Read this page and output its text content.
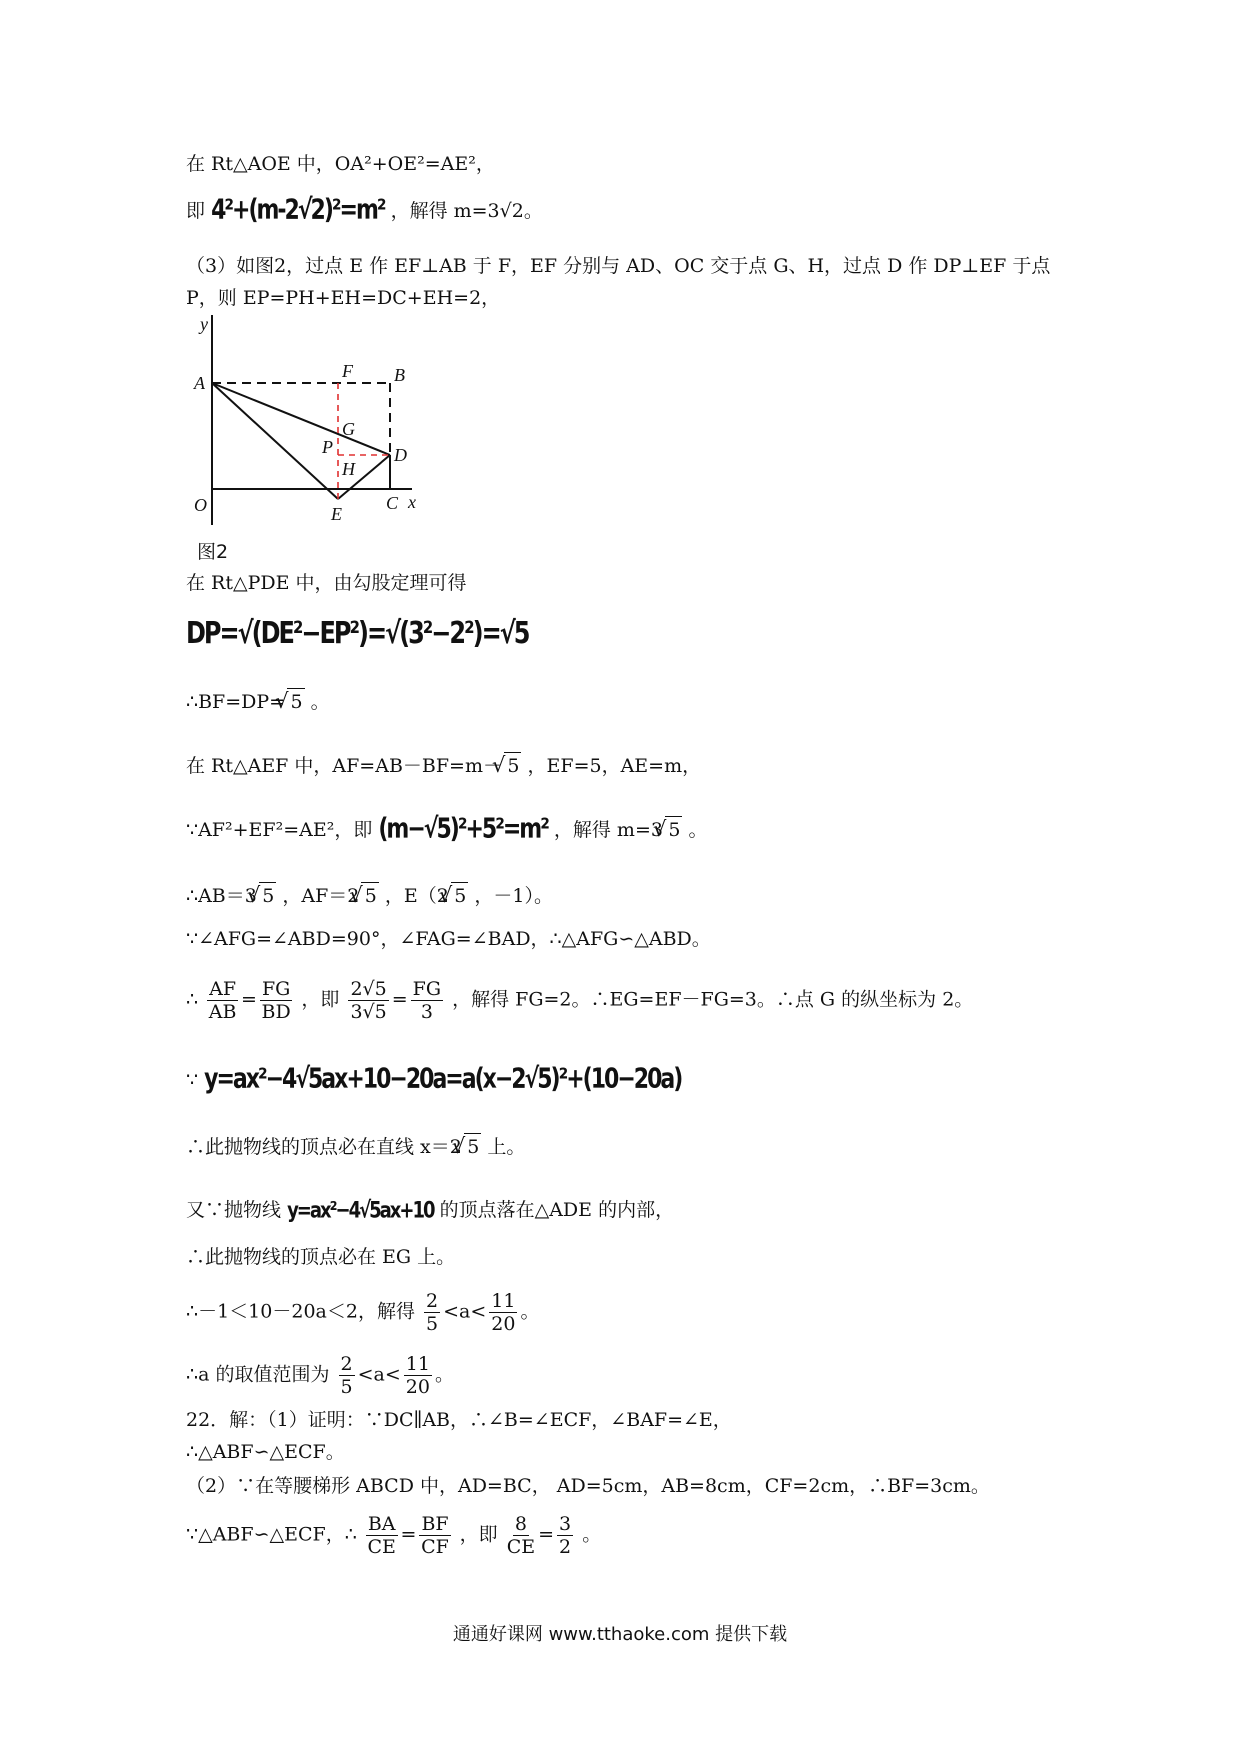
在 Rt△AOE 中，OA²+OE²=AE²，
即 4²+(m-2√2)²=m² ，解得 m=3√2。
（3）如图2，过点 E 作 EF⊥AB 于 F，EF 分别与 AD、OC 交于点 G、H，过点 D 作 DP⊥EF 于点
P，则 EP=PH+EH=DC+EH=2，
y
x
O
A
F B
G
P	D
H
C
E
图2
在 Rt△PDE 中，由勾股定理可得
DP=√(DE²−EP²)=√(3²−2²)=√5
∴BF=DP= √ 5 。
在 Rt△AEF 中，AF=AB－BF=m－ √ 5 ，EF=5，AE=m，
∵AF²+EF²=AE²，即 (m−√5)²+5²=m² ，解得 m=3 √ 5 。
∴AB＝3 √ 5 ，AF＝2 √ 5 ，E（2 √ 5 ，－1）。
∵∠AFG=∠ABD=90°，∠FAG=∠BAD，∴△AFG∽△ABD。
∴ $\frac{AF}{AB} = \frac{FG}{BD}$ ，即 $\frac{2√5}{3√5} = \frac{FG}{3}$ ，解得 FG=2。∴EG=EF－FG=3。∴点 G 的纵坐标为 2。
∵ y=ax²−4√5ax+10−20a=a(x−2√5)²+(10−20a)
∴此抛物线的顶点必在直线 x＝2 √ 5 上。
又∵抛物线 y=ax²−4√5ax+10 的顶点落在△ADE 的内部，
∴此抛物线的顶点必在 EG 上。
∴－1＜10－20a＜2，解得 $\frac{2}{5} <a< \frac{11}{20}$ 。
∴a 的取值范围为 $\frac{2}{5} <a< \frac{11}{20}$ 。
22．解：（1）证明：∵DC∥AB，∴∠B=∠ECF，∠BAF=∠E，
∴△ABF∽△ECF。
（2）∵在等腰梯形 ABCD 中，AD=BC， AD=5cm，AB=8cm，CF=2cm，∴BF=3cm。
∵△ABF∽△ECF，∴ $\frac{BA}{CE} = \frac{BF}{CF}$ ，即 $\frac{8}{CE} = \frac{3}{2}$ 。
通通好课网 www.tthaoke.com 提供下载
